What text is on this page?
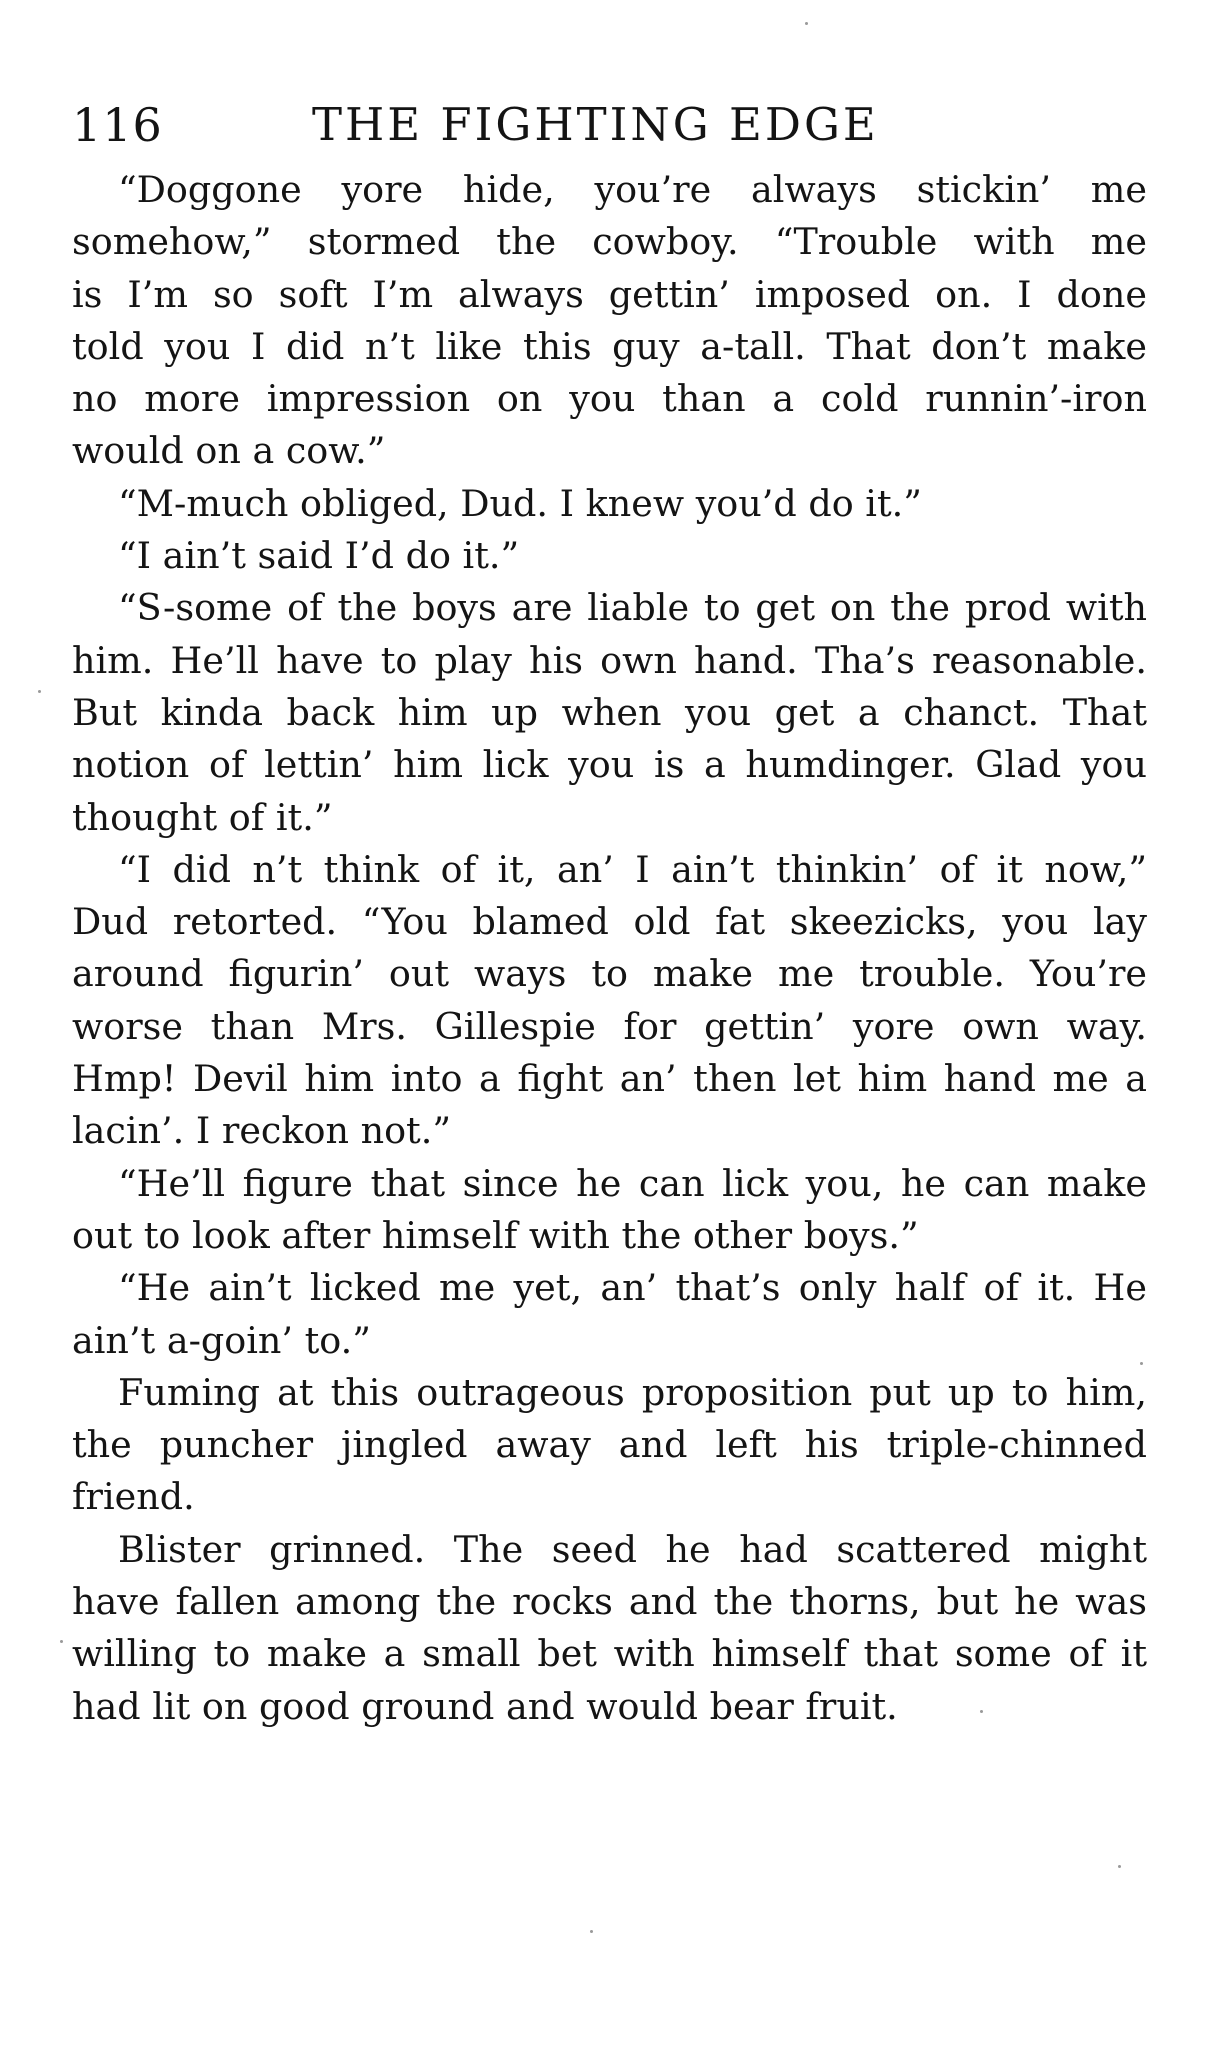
116	THE FIGHTING EDGE
“Doggone yore hide, you’re always stickin’ me
somehow,” stormed the cowboy. “Trouble with me
is I’m so soft I’m always gettin’ imposed on. I done
told you I did n’t like this guy a-tall. That don’t make
no more impression on you than a cold runnin’-iron
would on a cow.”
“M-much obliged, Dud. I knew you’d do it.”
“I ain’t said I’d do it.”
“S-some of the boys are liable to get on the prod with
him. He’ll have to play his own hand. Tha’s reasonable.
But kinda back him up when you get a chanct. That
notion of lettin’ him lick you is a humdinger. Glad you
thought of it.”
“I did n’t think of it, an’ I ain’t thinkin’ of it now,”
Dud retorted. “You blamed old fat skeezicks, you lay
around figurin’ out ways to make me trouble. You’re
worse than Mrs. Gillespie for gettin’ yore own way.
Hmp! Devil him into a fight an’ then let him hand me a
lacin’. I reckon not.”
“He’ll figure that since he can lick you, he can make
out to look after himself with the other boys.”
“He ain’t licked me yet, an’ that’s only half of it. He
ain’t a-goin’ to.”
Fuming at this outrageous proposition put up to him,
the puncher jingled away and left his triple-chinned
friend.
Blister grinned. The seed he had scattered might
have fallen among the rocks and the thorns, but he was
willing to make a small bet with himself that some of it
had lit on good ground and would bear fruit.
